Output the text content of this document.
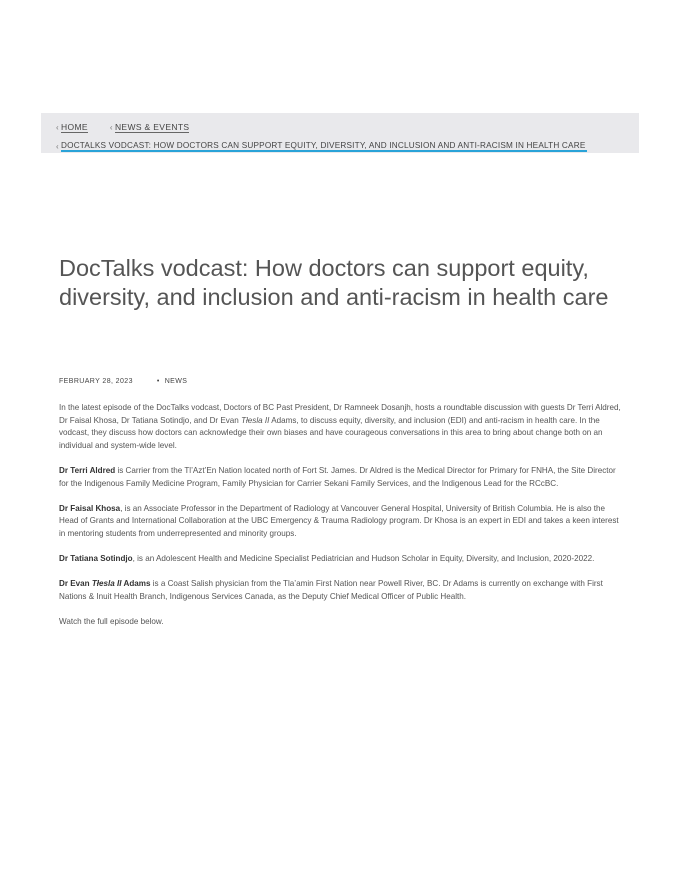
‹ HOME	‹ NEWS & EVENTS
‹ DOCTALKS VODCAST: HOW DOCTORS CAN SUPPORT EQUITY, DIVERSITY, AND INCLUSION AND ANTI-RACISM IN HEALTH CARE
DocTalks vodcast: How doctors can support equity, diversity, and inclusion and anti-racism in health care
FEBRUARY 28, 2023	• NEWS

In the latest episode of the DocTalks vodcast, Doctors of BC Past President, Dr Ramneek Dosanjh, hosts a roundtable discussion with guests Dr Terri Aldred, Dr Faisal Khosa, Dr Tatiana Sotindjo, and Dr Evan Tłesla II Adams, to discuss equity, diversity, and inclusion (EDI) and anti-racism in health care. In the vodcast, they discuss how doctors can acknowledge their own biases and have courageous conversations in this area to bring about change both on an individual and system-wide level.

Dr Terri Aldred is Carrier from the Tl’Azt’En Nation located north of Fort St. James. Dr Aldred is the Medical Director for Primary for FNHA, the Site Director for the Indigenous Family Medicine Program, Family Physician for Carrier Sekani Family Services, and the Indigenous Lead for the RCcBC.

Dr Faisal Khosa, is an Associate Professor in the Department of Radiology at Vancouver General Hospital, University of British Columbia. He is also the Head of Grants and International Collaboration at the UBC Emergency & Trauma Radiology program. Dr Khosa is an expert in EDI and takes a keen interest in mentoring students from underrepresented and minority groups.

Dr Tatiana Sotindjo, is an Adolescent Health and Medicine Specialist Pediatrician and Hudson Scholar in Equity, Diversity, and Inclusion, 2020-2022.

Dr Evan Tłesla II Adams is a Coast Salish physician from the Tla’amin First Nation near Powell River, BC. Dr Adams is currently on exchange with First Nations & Inuit Health Branch, Indigenous Services Canada, as the Deputy Chief Medical Officer of Public Health.

Watch the full episode below.
